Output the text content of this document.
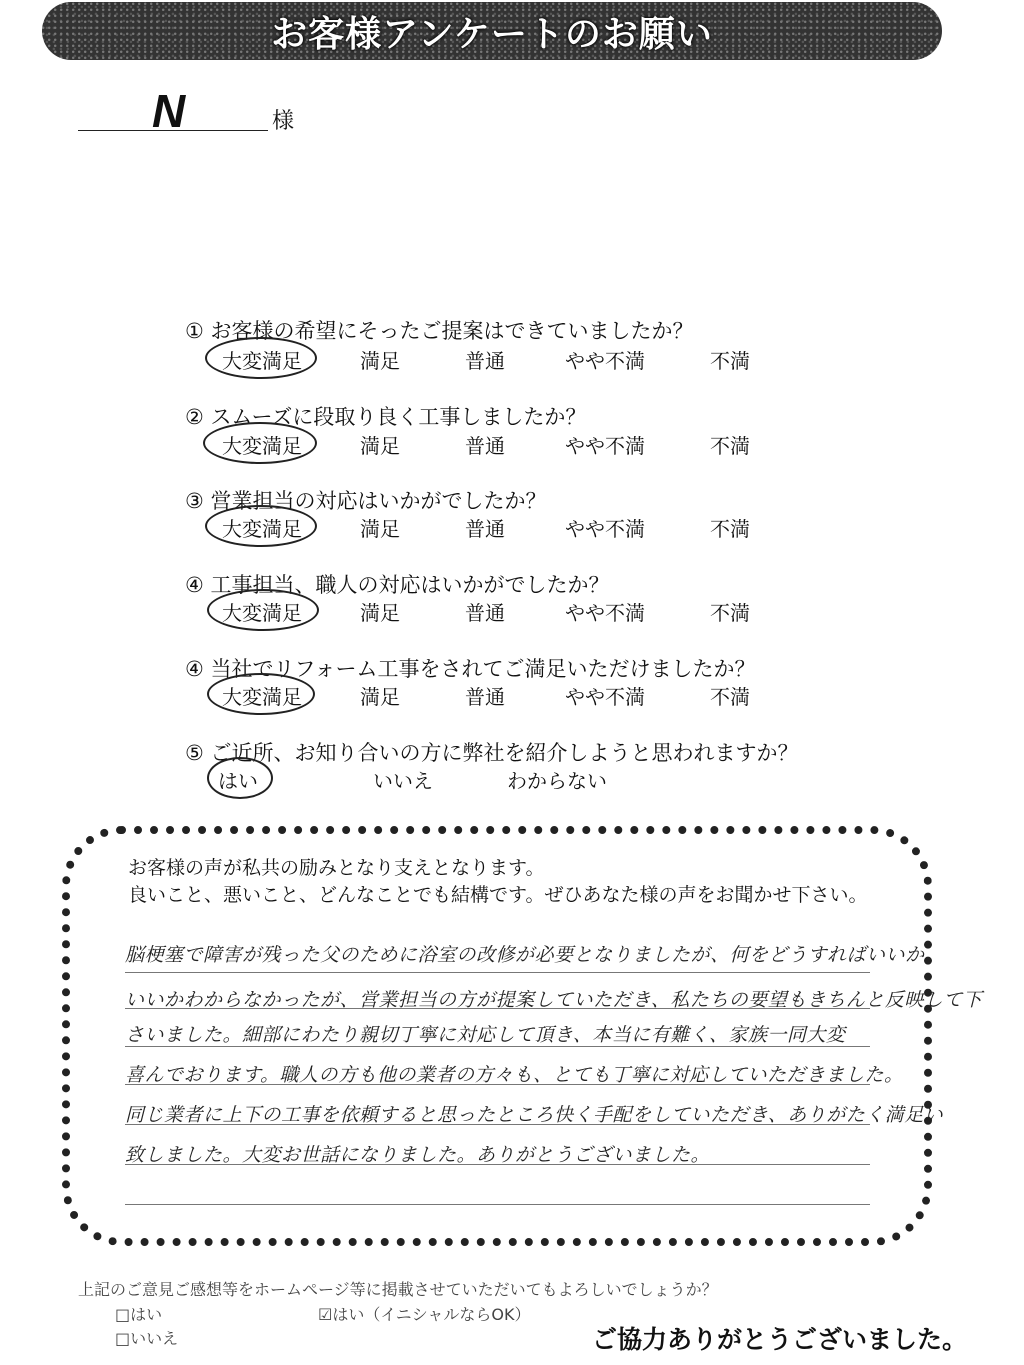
お客様アンケートのお願い
N	様
① お客様の希望にそったご提案はできていましたか？
大変満足	満足	普通	やや不満	不満
② スムーズに段取り良く工事しましたか？
大変満足	満足	普通	やや不満	不満
③ 営業担当の対応はいかがでしたか？
大変満足	満足	普通	やや不満	不満
④ 工事担当、職人の対応はいかがでしたか？
大変満足	満足	普通	やや不満	不満
④ 当社でリフォーム工事をされてご満足いただけましたか？
大変満足	満足	普通	やや不満	不満
⑤ ご近所、お知り合いの方に弊社を紹介しようと思われますか？
はい	いいえ	わからない
お客様の声が私共の励みとなり支えとなります。
良いこと、悪いこと、どんなことでも結構です。ぜひあなた様の声をお聞かせ下さい。
脳梗塞で障害が残った父のために浴室の改修が必要となりましたが、何をどうすればいいか
いいかわからなかったが、営業担当の方が提案していただき、私たちの要望もきちんと反映して下
さいました。細部にわたり親切丁寧に対応して頂き、本当に有難く、家族一同大変
喜んでおります。職人の方も他の業者の方々も、とても丁寧に対応していただきました。
同じ業者に上下の工事を依頼すると思ったところ快く手配をしていただき、ありがたく満足い
致しました。大変お世話になりました。ありがとうございました。
上記のご意見ご感想等をホームページ等に掲載させていただいてもよろしいでしょうか？
□はい
□いいえ
☑はい（イニシャルならOK）
ご協力ありがとうございました。
